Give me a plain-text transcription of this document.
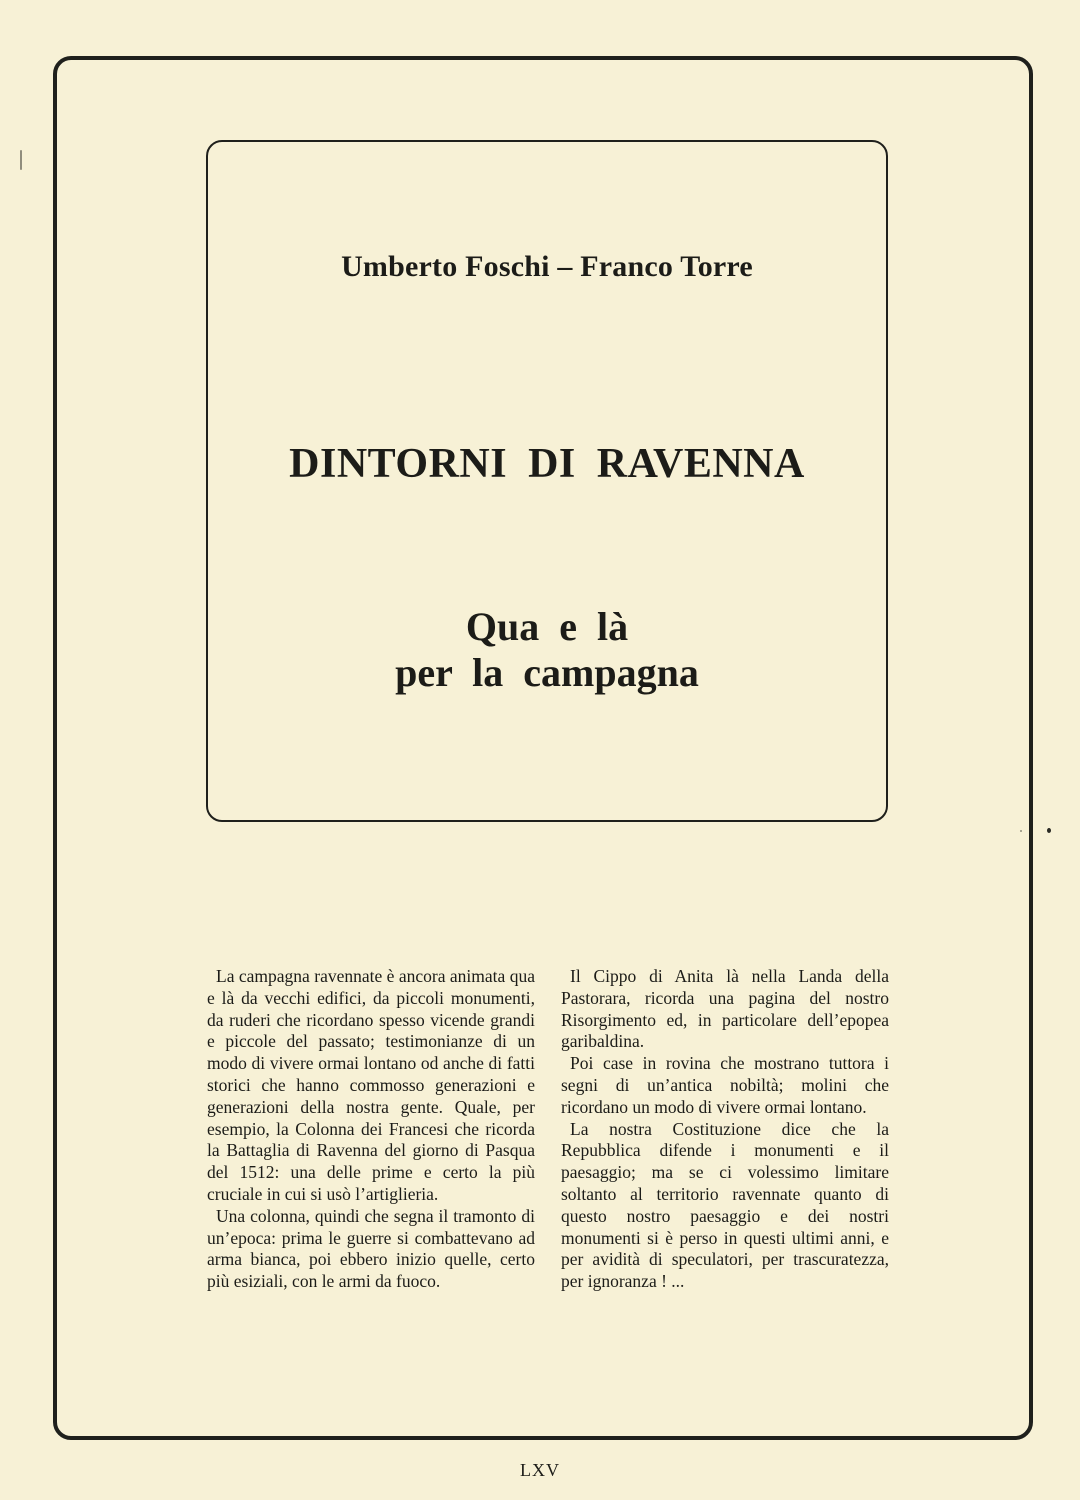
Umberto Foschi – Franco Torre
DINTORNI DI RAVENNA
Qua e là
per la campagna

La campagna ravennate è ancora animata qua e là da vecchi edifici, da piccoli monumenti, da ruderi che ricordano spesso vicende grandi e piccole del passato; testimonianze di un modo di vivere ormai lontano od anche di fatti storici che hanno commosso generazioni e generazioni della nostra gente. Quale, per esempio, la Colonna dei Francesi che ricorda la Battaglia di Ravenna del giorno di Pasqua del 1512: una delle prime e certo la più cruciale in cui si usò l’artiglieria.

Una colonna, quindi che segna il tramonto di un’epoca: prima le guerre si combattevano ad arma bianca, poi ebbero inizio quelle, certo più esiziali, con le armi da fuoco.

Il Cippo di Anita là nella Landa della Pastorara, ricorda una pagina del nostro Risorgimento ed, in particolare dell’epopea garibaldina.

Poi case in rovina che mostrano tuttora i segni di un’antica nobiltà; molini che ricordano un modo di vivere ormai lontano.

La nostra Costituzione dice che la Repubblica difende i monumenti e il paesaggio; ma se ci volessimo limitare soltanto al territorio ravennate quanto di questo nostro paesaggio e dei nostri monumenti si è perso in questi ultimi anni, e per avidità di speculatori, per trascuratezza, per ignoranza ! ...

LXV
